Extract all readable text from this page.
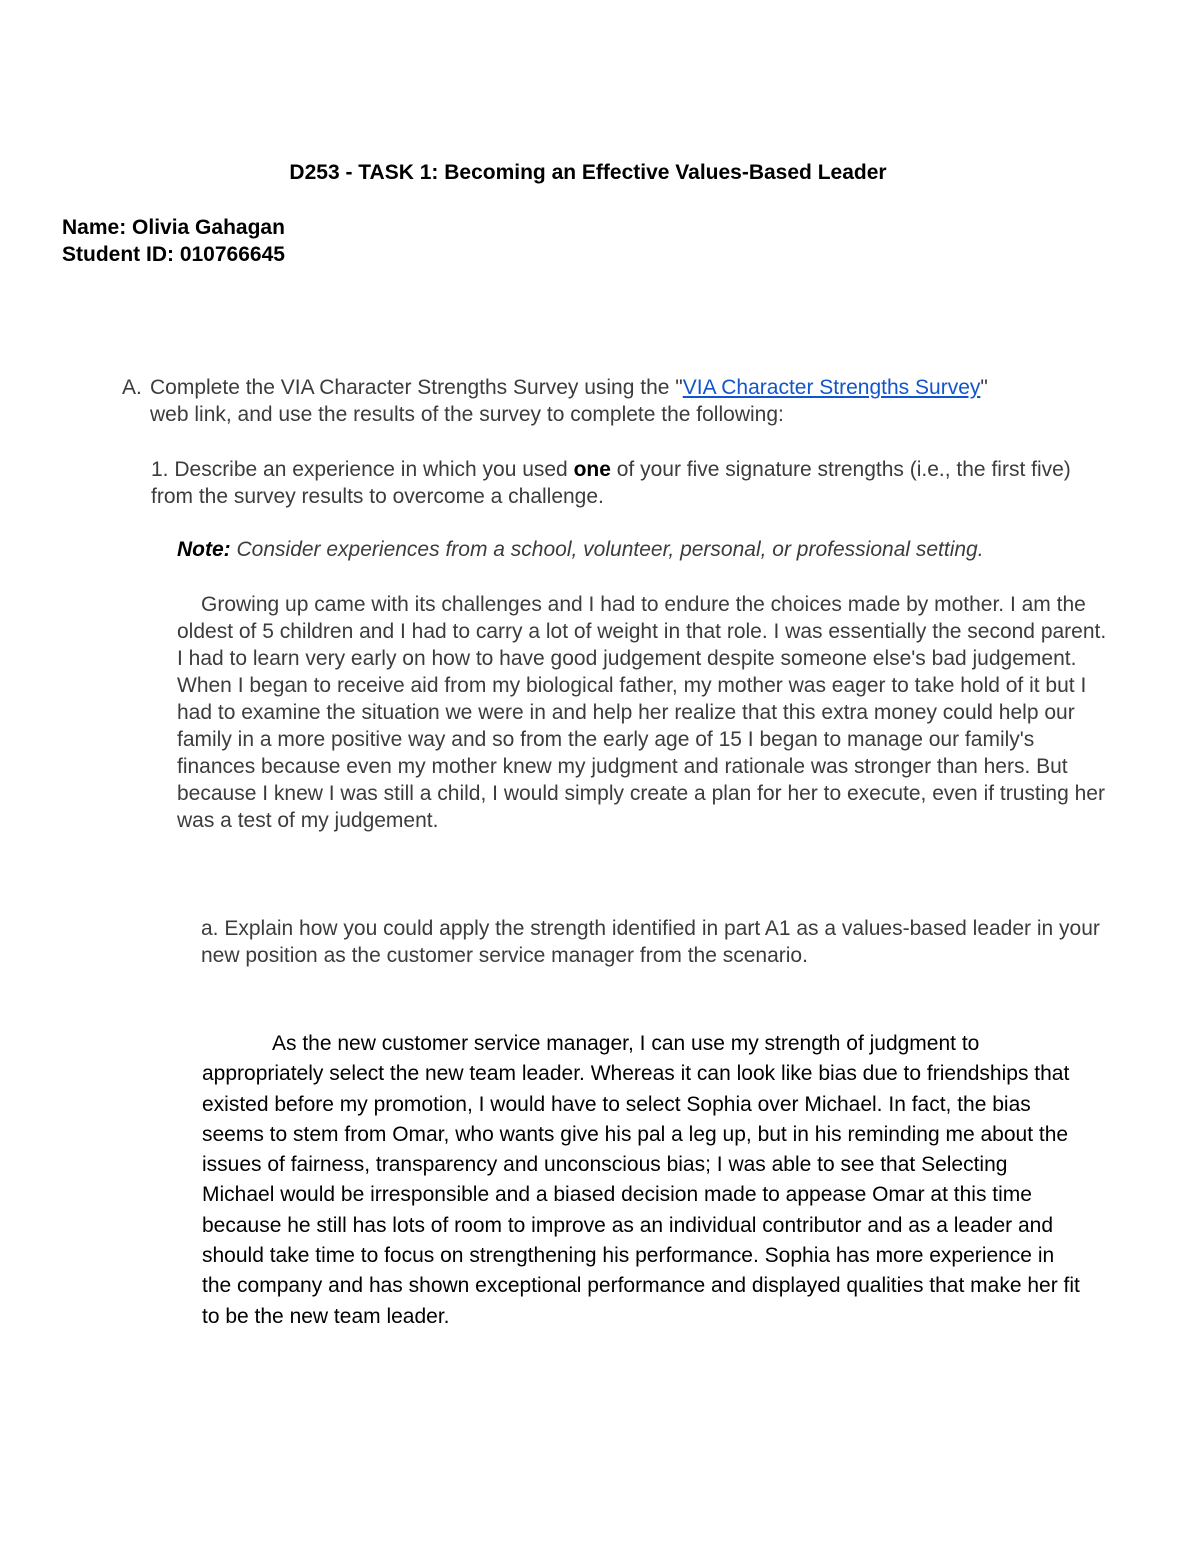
D253 - TASK 1: Becoming an Effective Values-Based Leader
Name: Olivia Gahagan
Student ID: 010766645
A. Complete the VIA Character Strengths Survey using the "VIA Character Strengths Survey"
web link, and use the results of the survey to complete the following:
1. Describe an experience in which you used one of your five signature strengths (i.e., the first five) from the survey results to overcome a challenge.
Note: Consider experiences from a school, volunteer, personal, or professional setting.
Growing up came with its challenges and I had to endure the choices made by mother. I am the oldest of 5 children and I had to carry a lot of weight in that role. I was essentially the second parent. I had to learn very early on how to have good judgement despite someone else's bad judgement. When I began to receive aid from my biological father, my mother was eager to take hold of it but I had to examine the situation we were in and help her realize that this extra money could help our family in a more positive way and so from the early age of 15 I began to manage our family's finances because even my mother knew my judgment and rationale was stronger than hers. But because I knew I was still a child, I would simply create a plan for her to execute, even if trusting her was a test of my judgement.
a. Explain how you could apply the strength identified in part A1 as a values-based leader in your new position as the customer service manager from the scenario.
As the new customer service manager, I can use my strength of judgment to appropriately select the new team leader. Whereas it can look like bias due to friendships that existed before my promotion, I would have to select Sophia over Michael. In fact, the bias seems to stem from Omar, who wants give his pal a leg up, but in his reminding me about the issues of fairness, transparency and unconscious bias; I was able to see that Selecting Michael would be irresponsible and a biased decision made to appease Omar at this time because he still has lots of room to improve as an individual contributor and as a leader and should take time to focus on strengthening his performance. Sophia has more experience in the company and has shown exceptional performance and displayed qualities that make her fit to be the new team leader.
